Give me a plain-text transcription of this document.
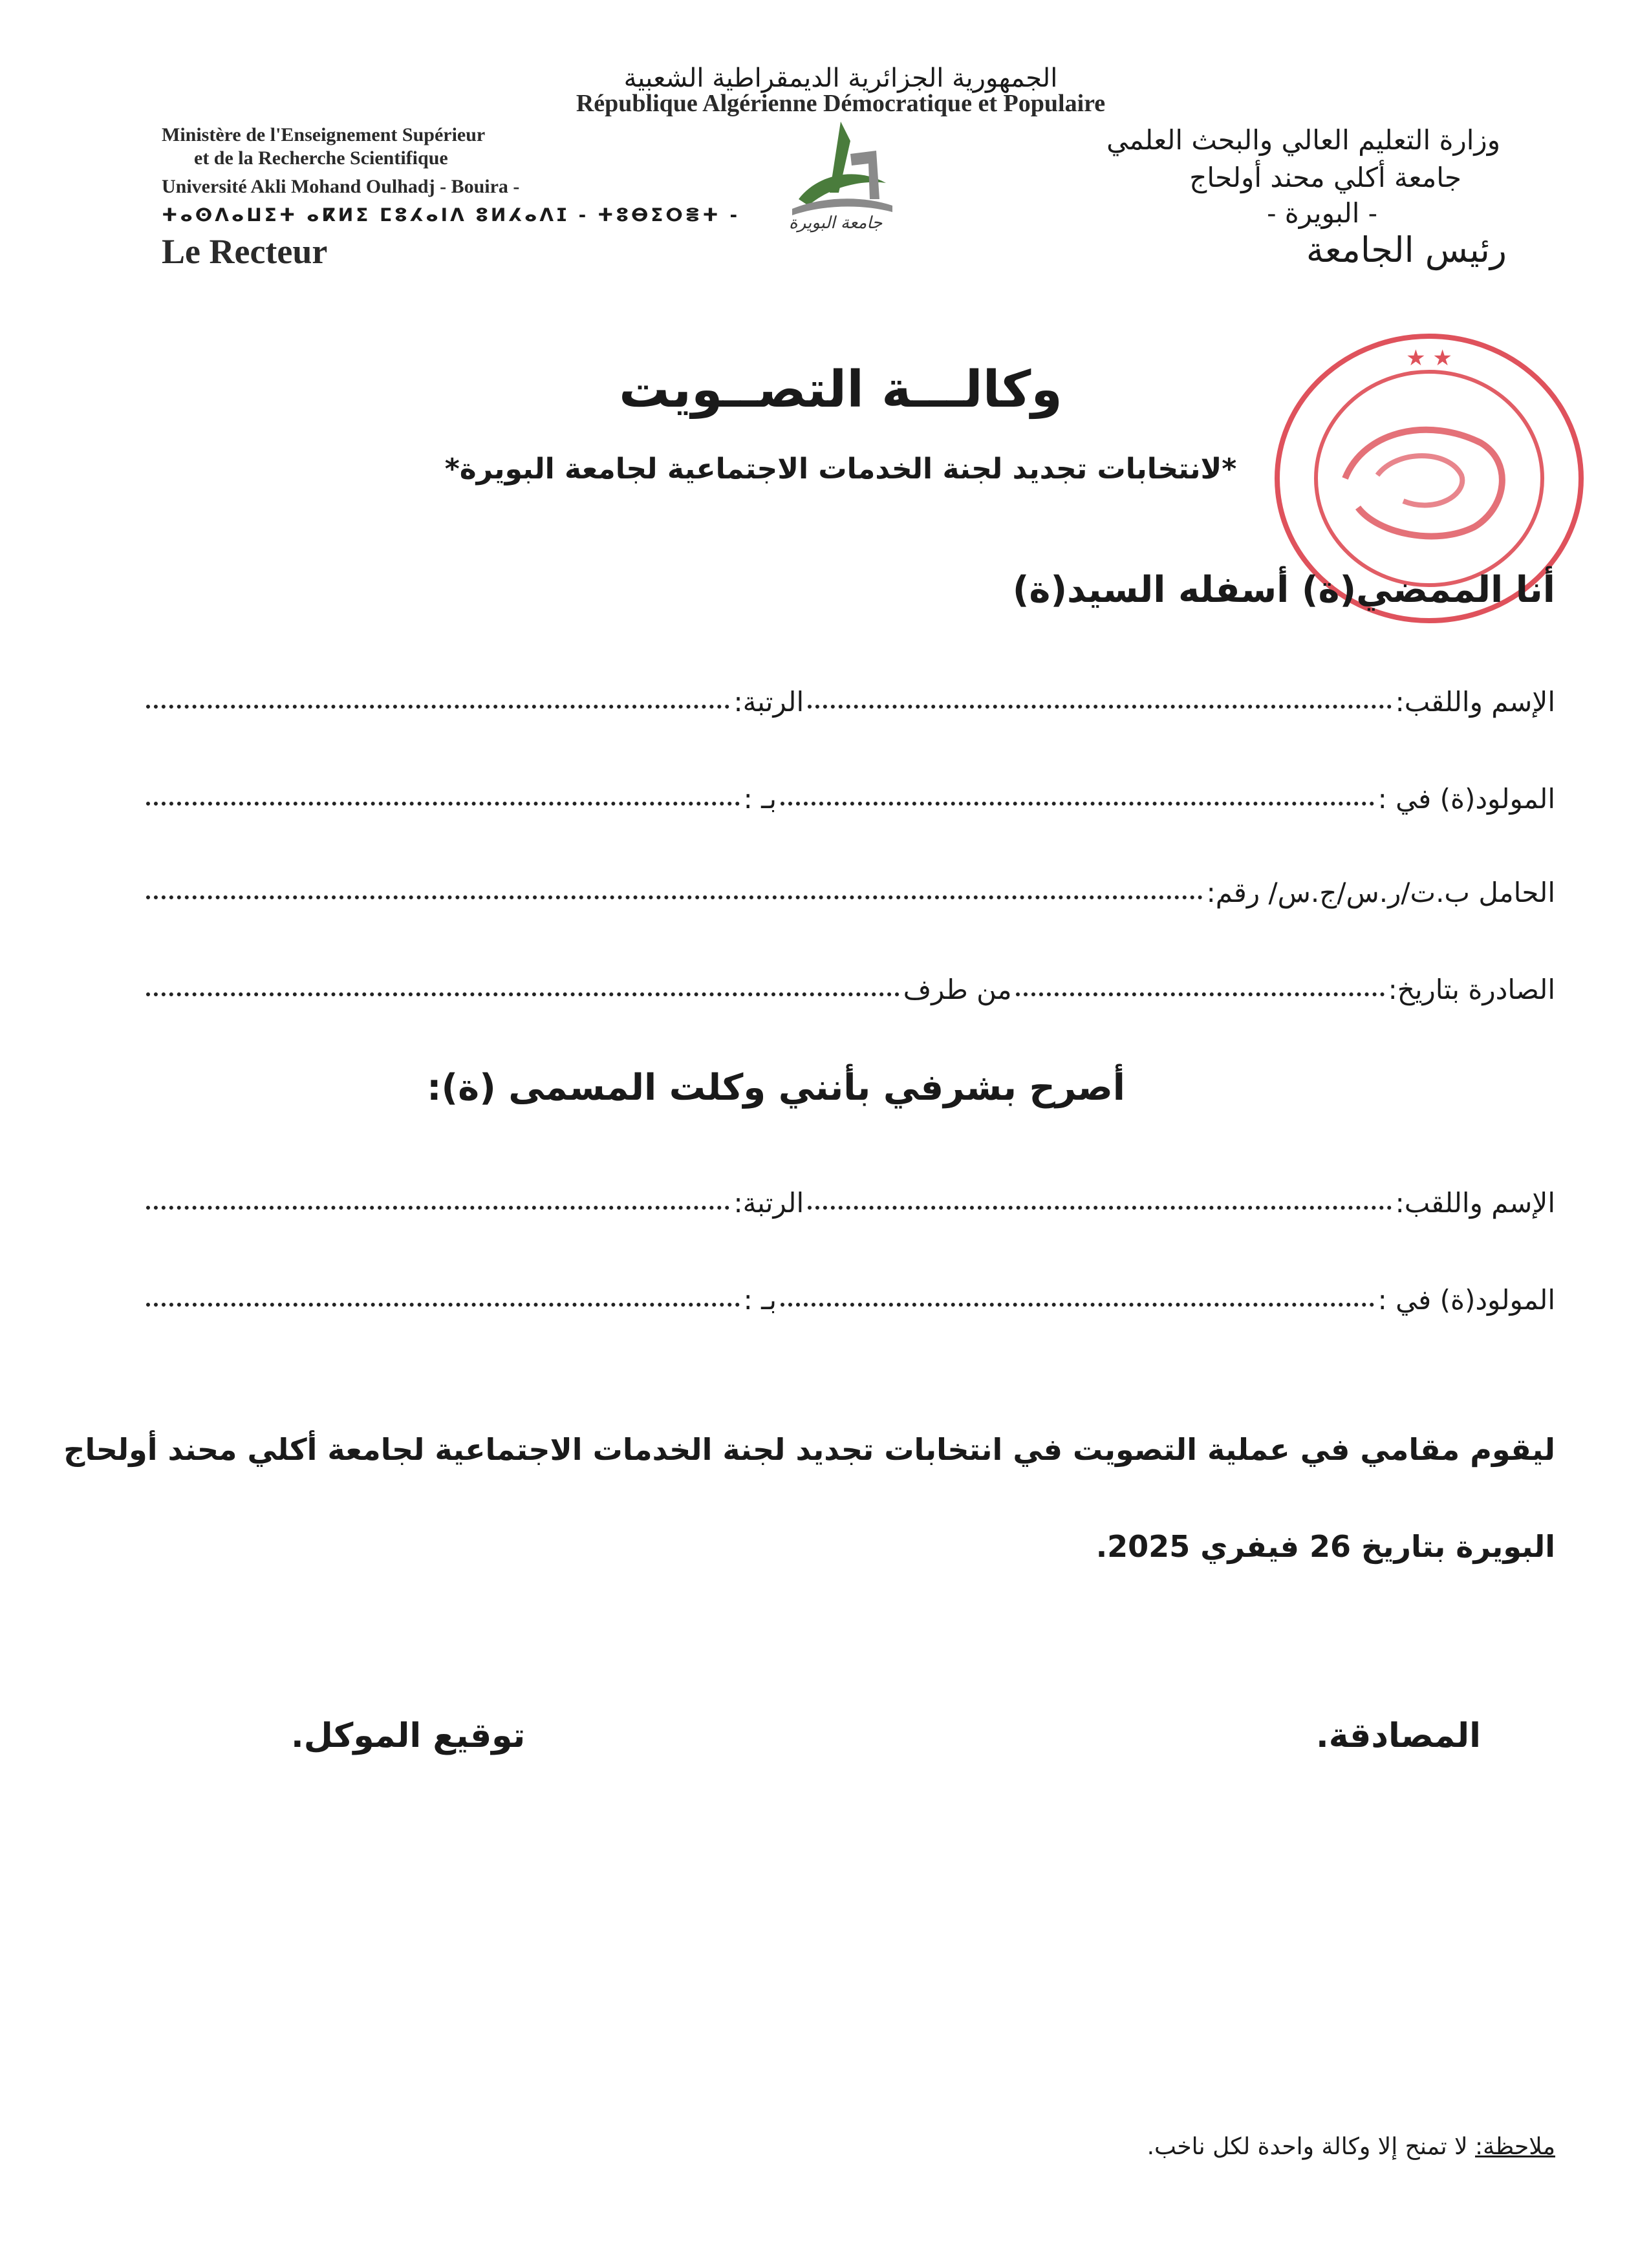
الجمهورية الجزائرية الديمقراطية الشعبية
République Algérienne Démocratique et Populaire
Ministère de l'Enseignement Supérieur
et de la Recherche Scientifique
Université Akli Mohand Oulhadj - Bouira -
ⵜⴰⵙⴷⴰⵡⵉⵜ ⴰⴽⵍⵉ ⵎⵓⵃⴰⵏⴷ ⵓⵍⵃⴰⴷⵊ - ⵜⵓⴱⵉⵔⴻⵜ -
Le Recteur
وزارة التعليم العالي والبحث العلمي
جامعة أكلي محند أولحاج
- البويرة -
رئيس الجامعة
جامعة البويرة
★ ★
وكالـــة التصــويت
*لانتخابات تجديد لجنة الخدمات الاجتماعية لجامعة البويرة*
أنا الممضي(ة) أسفله السيد(ة)
الإسم واللقب:
الرتبة:
المولود(ة) في :
بـ :
الحامل ب.ت/ر.س/ج.س/ رقم:
الصادرة بتاريخ:
من طرف
أصرح بشرفي بأنني وكلت المسمى (ة):
الإسم واللقب:
الرتبة:
المولود(ة) في :
بـ :
ليقوم مقامي في عملية التصويت في انتخابات تجديد لجنة الخدمات الاجتماعية لجامعة أكلي محند أولحاج
البويرة بتاريخ 26 فيفري 2025.
المصادقة.
توقيع الموكل.
ملاحظة: لا تمنح إلا وكالة واحدة لكل ناخب.
